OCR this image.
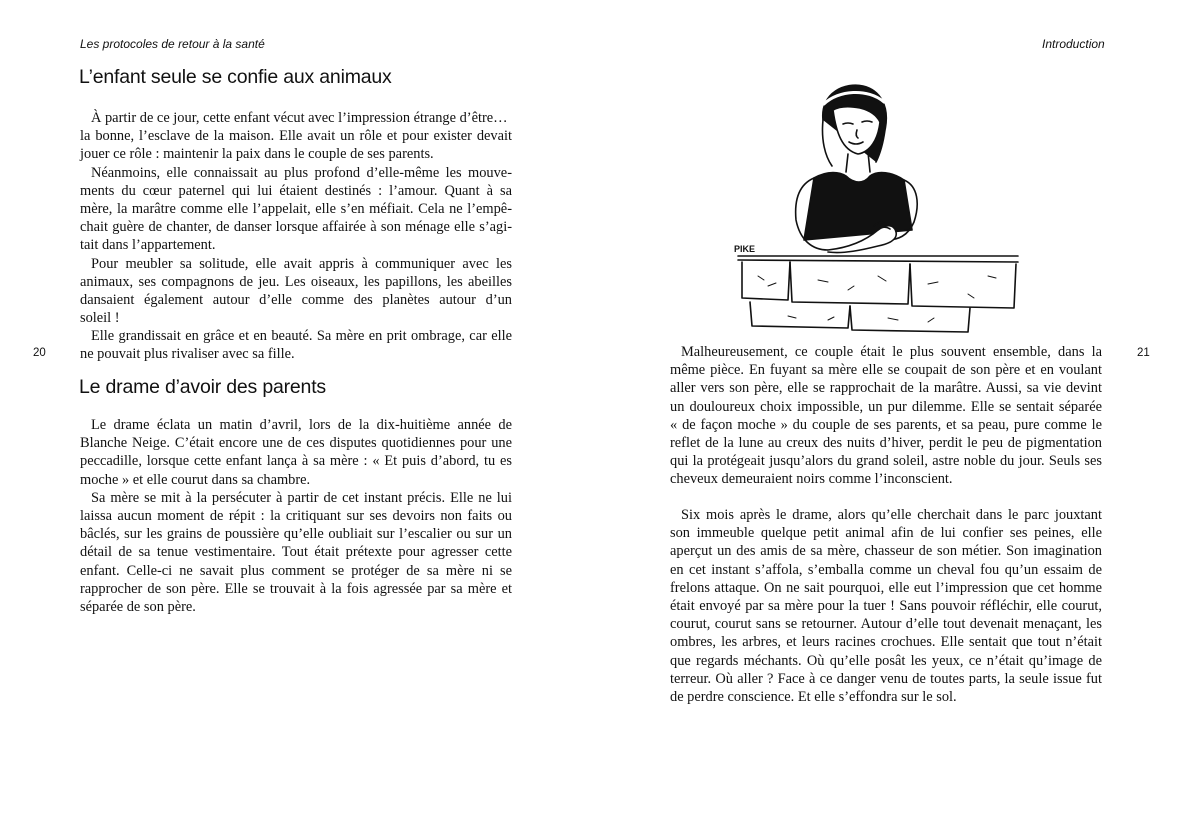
Les protocoles de retour à la santé
20
L’enfant seule se confie aux animaux
À partir de ce jour, cette enfant vécut avec l’impression étrange d’être…
la bonne, l’esclave de la maison. Elle avait un rôle et pour exister devait
jouer ce rôle : maintenir la paix dans le couple de ses parents.
Néanmoins, elle connaissait au plus profond d’elle-même les mouve-
ments du cœur paternel qui lui étaient destinés : l’amour. Quant à sa
mère, la marâtre comme elle l’appelait, elle s’en méfiait. Cela ne l’empê-
chait guère de chanter, de danser lorsque affairée à son ménage elle s’agi-
tait dans l’appartement.
Pour meubler sa solitude, elle avait appris à communiquer avec les
animaux, ses compagnons de jeu. Les oiseaux, les papillons, les abeilles
dansaient également autour d’elle comme des planètes autour d’un
soleil !
Elle grandissait en grâce et en beauté. Sa mère en prit ombrage, car elle
ne pouvait plus rivaliser avec sa fille.
Le drame d’avoir des parents
Le drame éclata un matin d’avril, lors de la dix-huitième année de
Blanche Neige. C’était encore une de ces disputes quotidiennes pour une
peccadille, lorsque cette enfant lança à sa mère : « Et puis d’abord, tu es
moche » et elle courut dans sa chambre.
Sa mère se mit à la persécuter à partir de cet instant précis. Elle ne lui
laissa aucun moment de répit : la critiquant sur ses devoirs non faits ou
bâclés, sur les grains de poussière qu’elle oubliait sur l’escalier ou sur un
détail de sa tenue vestimentaire. Tout était prétexte pour agresser cette
enfant. Celle-ci ne savait plus comment se protéger de sa mère ni se
rapprocher de son père. Elle se trouvait à la fois agressée par sa mère et
séparée de son père.
Introduction
21
PIKE
Malheureusement, ce couple était le plus souvent ensemble, dans la
même pièce. En fuyant sa mère elle se coupait de son père et en voulant
aller vers son père, elle se rapprochait de la marâtre. Aussi, sa vie devint
un douloureux choix impossible, un pur dilemme. Elle se sentait séparée
« de façon moche » du couple de ses parents, et sa peau, pure comme le
reflet de la lune au creux des nuits d’hiver, perdit le peu de pigmentation
qui la protégeait jusqu’alors du grand soleil, astre noble du jour. Seuls ses
cheveux demeuraient noirs comme l’inconscient.
Six mois après le drame, alors qu’elle cherchait dans le parc jouxtant
son immeuble quelque petit animal afin de lui confier ses peines, elle
aperçut un des amis de sa mère, chasseur de son métier. Son imagination
en cet instant s’affola, s’emballa comme un cheval fou qu’un essaim de
frelons attaque. On ne sait pourquoi, elle eut l’impression que cet homme
était envoyé par sa mère pour la tuer ! Sans pouvoir réfléchir, elle courut,
courut, courut sans se retourner. Autour d’elle tout devenait menaçant, les
ombres, les arbres, et leurs racines crochues. Elle sentait que tout n’était
que regards méchants. Où qu’elle posât les yeux, ce n’était qu’image de
terreur. Où aller ? Face à ce danger venu de toutes parts, la seule issue fut
de perdre conscience. Et elle s’effondra sur le sol.
